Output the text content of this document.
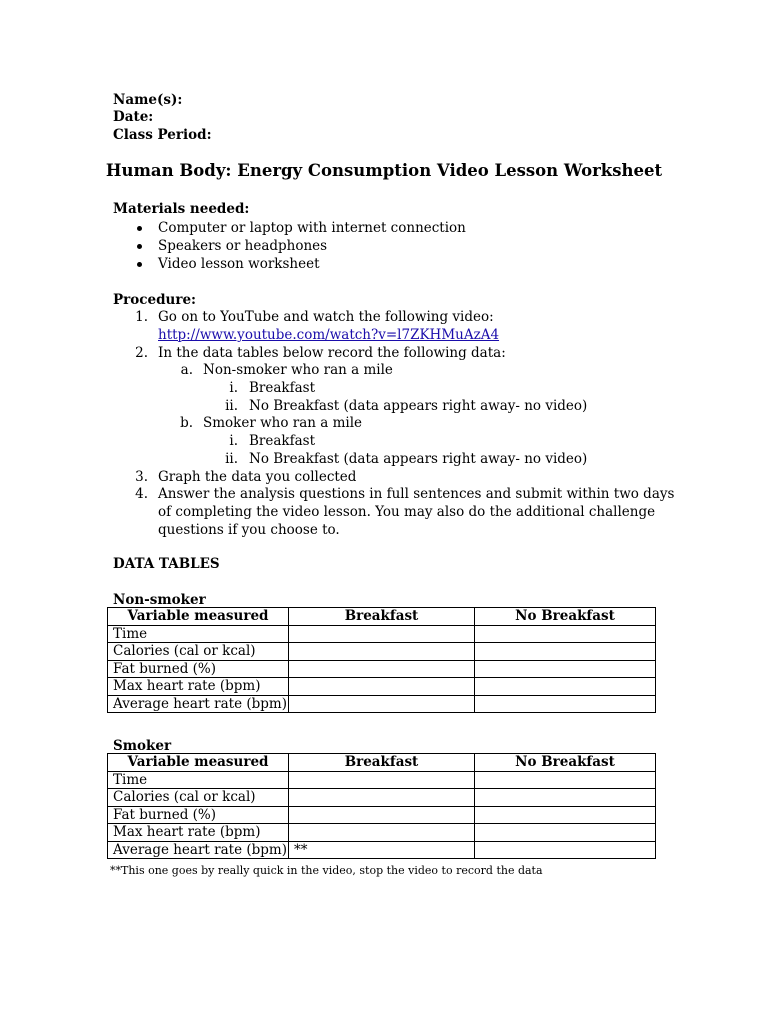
Name(s):
Date:
Class Period:
Human Body: Energy Consumption Video Lesson Worksheet
Materials needed:
Computer or laptop with internet connection
Speakers or headphones
Video lesson worksheet
Procedure:
1. Go on to YouTube and watch the following video:
http://www.youtube.com/watch?v=l7ZKHMuAzA4
2. In the data tables below record the following data:
a. Non-smoker who ran a mile
i. Breakfast
ii. No Breakfast (data appears right away- no video)
b. Smoker who ran a mile
i. Breakfast
ii. No Breakfast (data appears right away- no video)
3. Graph the data you collected
4. Answer the analysis questions in full sentences and submit within two days
of completing the video lesson. You may also do the additional challenge
questions if you choose to.
DATA TABLES
Non-smoker
Variable measured	Breakfast	No Breakfast
Time		
Calories (cal or kcal)		
Fat burned (%)		
Max heart rate (bpm)		
Average heart rate (bpm)		
Smoker
Variable measured	Breakfast	No Breakfast
Time		
Calories (cal or kcal)		
Fat burned (%)		
Max heart rate (bpm)		
Average heart rate (bpm)	**	
**This one goes by really quick in the video, stop the video to record the data
